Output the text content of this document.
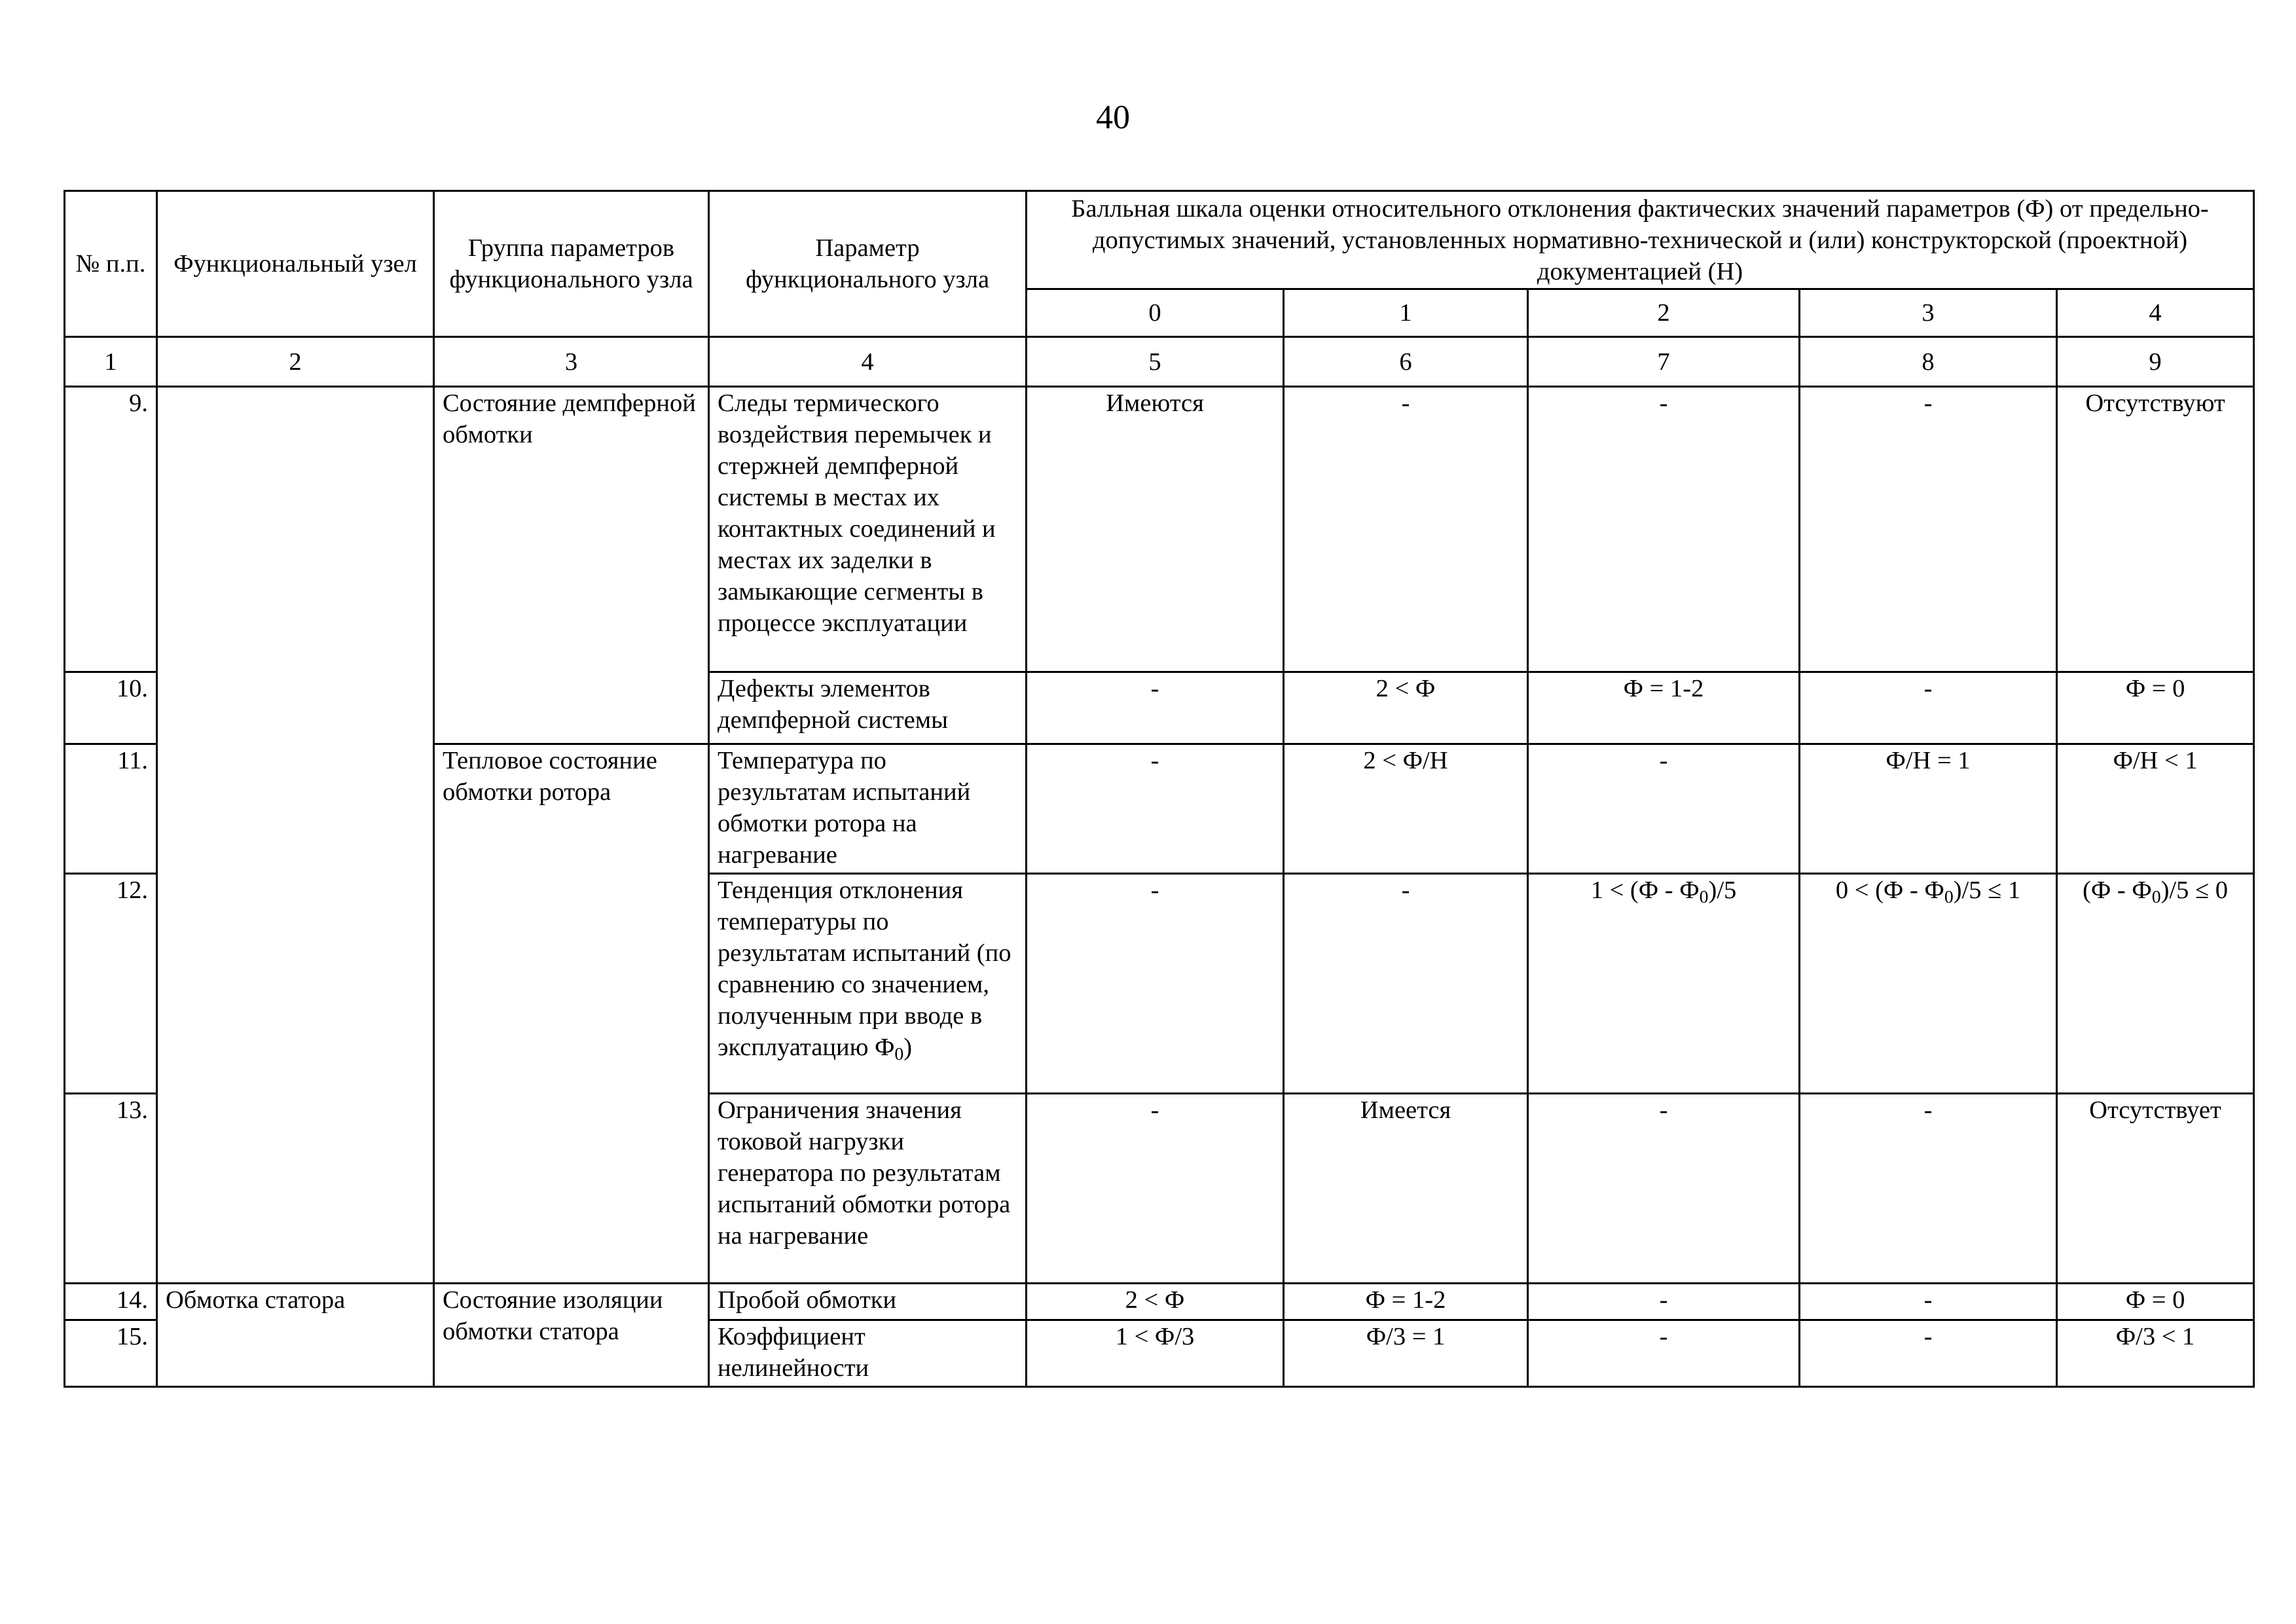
40
№ п.п.	Функциональный узел	Группа параметров функционального узла	Параметр функционального узла	Балльная шкала оценки относительного отклонения фактических значений параметров (Ф) от предельно-допустимых значений, установленных нормативно-технической и (или) конструкторской (проектной) документацией (Н)				
				0	1	2	3	4
1	2	3	4	5	6	7	8	9
9.		Состояние демпферной обмотки	Следы термического воздействия перемычек и стержней демпферной системы в местах их контактных соединений и местах их заделки в замыкающие сегменты в процессе эксплуатации	Имеются	-	-	-	Отсутствуют
10.			Дефекты элементов демпферной системы	-	2 < Ф	Ф = 1-2	-	Ф = 0
11.		Тепловое состояние обмотки ротора	Температура по результатам испытаний обмотки ротора на нагревание	-	2 < Ф/Н	-	Ф/Н = 1	Ф/Н < 1
12.			Тенденция отклонения температуры по результатам испытаний (по сравнению со значением, полученным при вводе в эксплуатацию $Ф_0$)	-	-	$1 < (Ф - Ф_0)/5$	$0 < (Ф - Ф_0)/5 \le 1$	$(Ф - Ф_0)/5 \le 0$
13.			Ограничения значения токовой нагрузки генератора по результатам испытаний обмотки ротора на нагревание	-	Имеется	-	-	Отсутствует
14.	Обмотка статора	Состояние изоляции обмотки статора	Пробой обмотки	2 < Ф	Ф = 1-2	-	-	Ф = 0
15.			Коэффициент нелинейности	1 < Ф/3	Ф/3 = 1	-	-	Ф/3 < 1
